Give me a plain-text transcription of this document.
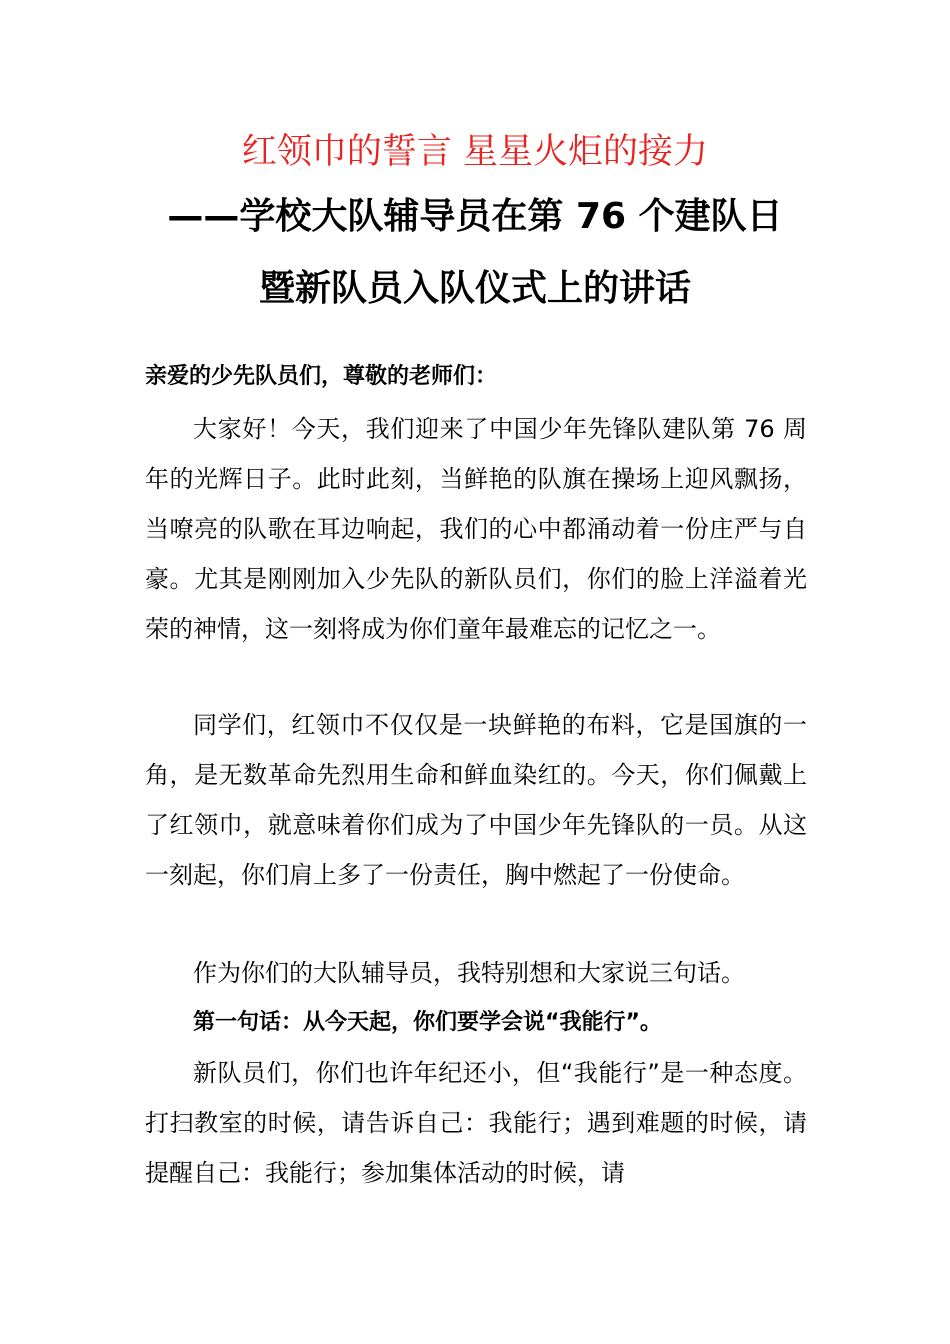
红领巾的誓言 星星火炬的接力
——学校大队辅导员在第 76 个建队日
暨新队员入队仪式上的讲话
亲爱的少先队员们，尊敬的老师们：

大家好！今天，我们迎来了中国少年先锋队建队第 76 周年的光辉日子。此时此刻，当鲜艳的队旗在操场上迎风飘扬，当嘹亮的队歌在耳边响起，我们的心中都涌动着一份庄严与自豪。尤其是刚刚加入少先队的新队员们，你们的脸上洋溢着光荣的神情，这一刻将成为你们童年最难忘的记忆之一。

同学们，红领巾不仅仅是一块鲜艳的布料，它是国旗的一角，是无数革命先烈用生命和鲜血染红的。今天，你们佩戴上了红领巾，就意味着你们成为了中国少年先锋队的一员。从这一刻起，你们肩上多了一份责任，胸中燃起了一份使命。

作为你们的大队辅导员，我特别想和大家说三句话。

第一句话：从今天起，你们要学会说“我能行”。

新队员们，你们也许年纪还小，但“我能行”是一种态度。打扫教室的时候，请告诉自己：我能行；遇到难题的时候，请提醒自己：我能行；参加集体活动的时候，请
